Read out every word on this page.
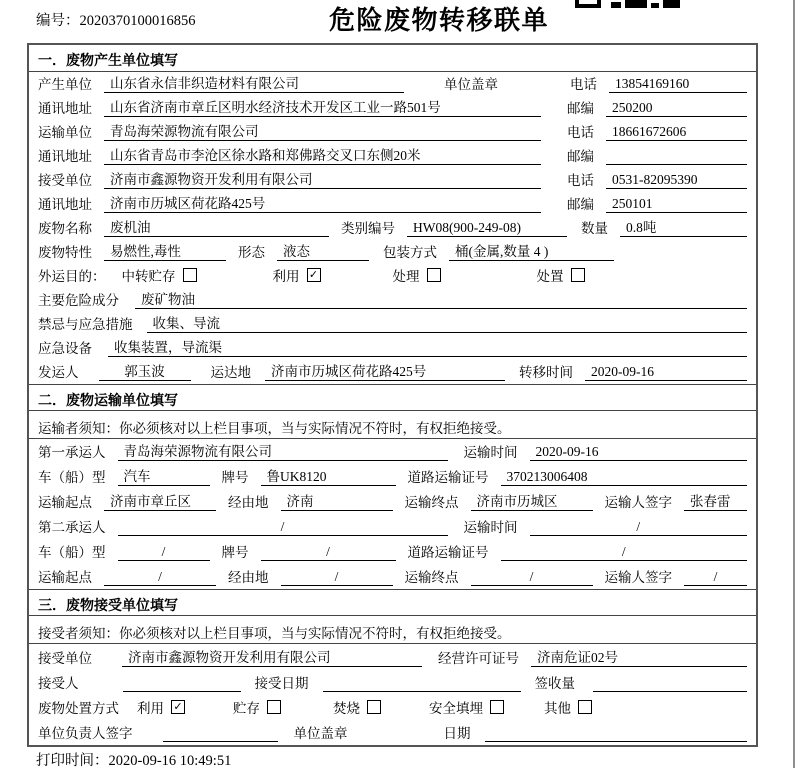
编号：2020370100016856	危险废物转移联单
一．废物产生单位填写
产生单位	山东省永信非织造材料有限公司	单位盖章	电话	13854169160
通讯地址	山东省济南市章丘区明水经济技术开发区工业一路501号	邮编	250200
运输单位	青岛海荣源物流有限公司	电话	18661672606
通讯地址	山东省青岛市李沧区徐水路和郑佛路交叉口东侧20米	邮编
接受单位	济南市鑫源物资开发利用有限公司	电话	0531-82095390
通讯地址	济南市历城区荷花路425号	邮编	250101
废物名称	废机油	类别编号	HW08(900-249-08)	数量	0.8吨
废物特性	易燃性,毒性	形态	液态	包装方式	桶(金属,数量 4 )
外运目的： 中转贮存	利用 ✓	处理	处置
主要危险成分	废矿物油
禁忌与应急措施	收集、导流
应急设备	收集装置，导流渠
发运人	郭玉波	运达地	济南市历城区荷花路425号	转移时间	2020-09-16
二．废物运输单位填写
运输者须知：你必须核对以上栏目事项，当与实际情况不符时，有权拒绝接受。
第一承运人	青岛海荣源物流有限公司	运输时间	2020-09-16
车（船）型	汽车	牌号	鲁UK8120	道路运输证号	370213006408
运输起点	济南市章丘区	经由地	济南	运输终点	济南市历城区	运输人签字	张春雷
第二承运人	/	运输时间	/
车（船）型	/	牌号	/	道路运输证号	/
运输起点	/	经由地	/	运输终点	/	运输人签字	/
三．废物接受单位填写
接受者须知：你必须核对以上栏目事项，当与实际情况不符时，有权拒绝接受。
接受单位	济南市鑫源物资开发利用有限公司	经营许可证号	济南危证02号
接受人	接受日期	签收量
废物处置方式 利用 ✓	贮存	焚烧	安全填埋	其他
单位负责人签字	单位盖章	日期
打印时间：2020-09-16 10:49:51
